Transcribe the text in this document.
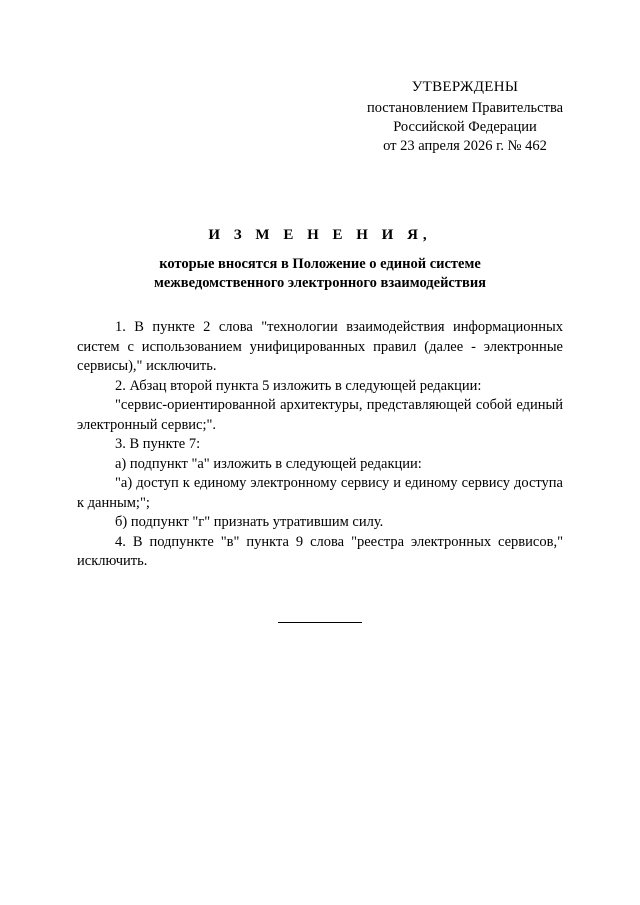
УТВЕРЖДЕНЫ
постановлением Правительства
Российской Федерации
от 23 апреля 2026 г. № 462
И З М Е Н Е Н И Я,
которые вносятся в Положение о единой системе
межведомственного электронного взаимодействия

1. В пункте 2 слова "технологии взаимодействия информационных систем с использованием унифицированных правил (далее - электронные сервисы)," исключить.

2. Абзац второй пункта 5 изложить в следующей редакции:

"сервис-ориентированной архитектуры, представляющей собой единый электронный сервис;".

3. В пункте 7:

а) подпункт "а" изложить в следующей редакции:

"а) доступ к единому электронному сервису и единому сервису доступа к данным;";

б) подпункт "г" признать утратившим силу.

4. В подпункте "в" пункта 9 слова "реестра электронных сервисов," исключить.
